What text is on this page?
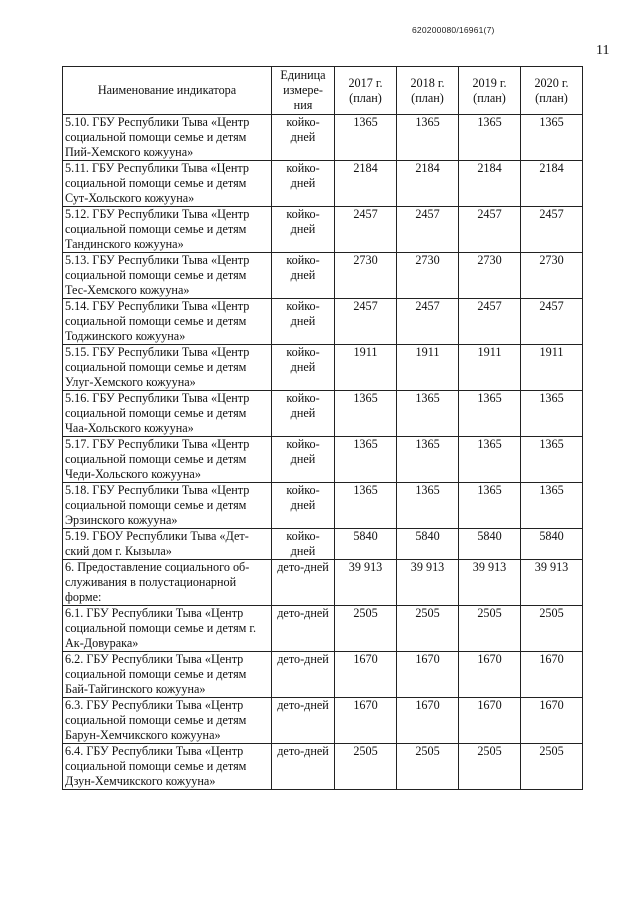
620200080/16961(7)
11
Наименование индикатора	Единица измере-ния	2017 г. (план)	2018 г. (план)	2019 г. (план)	2020 г. (план)
5.10. ГБУ Республики Тыва «Центр социальной помощи семье и детям Пий-Хемского кожууна»	койко-дней	1365	1365	1365	1365
5.11. ГБУ Республики Тыва «Центр социальной помощи семье и детям Сут-Хольского кожууна»	койко-дней	2184	2184	2184	2184
5.12. ГБУ Республики Тыва «Центр социальной помощи семье и детям Тандинского кожууна»	койко-дней	2457	2457	2457	2457
5.13. ГБУ Республики Тыва «Центр социальной помощи семье и детям Тес-Хемского кожууна»	койко-дней	2730	2730	2730	2730
5.14. ГБУ Республики Тыва «Центр социальной помощи семье и детям Тоджинского кожууна»	койко-дней	2457	2457	2457	2457
5.15. ГБУ Республики Тыва «Центр социальной помощи семье и детям Улуг-Хемского кожууна»	койко-дней	1911	1911	1911	1911
5.16. ГБУ Республики Тыва «Центр социальной помощи семье и детям Чаа-Хольского кожууна»	койко-дней	1365	1365	1365	1365
5.17. ГБУ Республики Тыва «Центр социальной помощи семье и детям Чеди-Хольского кожууна»	койко-дней	1365	1365	1365	1365
5.18. ГБУ Республики Тыва «Центр социальной помощи семье и детям Эрзинского кожууна»	койко-дней	1365	1365	1365	1365
5.19. ГБОУ Республики Тыва «Дет-ский дом г. Кызыла»	койко-дней	5840	5840	5840	5840
6. Предоставление социального об-служивания в полустационарной форме:	дето-дней	39 913	39 913	39 913	39 913
6.1. ГБУ Республики Тыва «Центр социальной помощи семье и детям г. Ак-Довурака»	дето-дней	2505	2505	2505	2505
6.2. ГБУ Республики Тыва «Центр социальной помощи семье и детям Бай-Тайгинского кожууна»	дето-дней	1670	1670	1670	1670
6.3. ГБУ Республики Тыва «Центр социальной помощи семье и детям Барун-Хемчикского кожууна»	дето-дней	1670	1670	1670	1670
6.4. ГБУ Республики Тыва «Центр социальной помощи семье и детям Дзун-Хемчикского кожууна»	дето-дней	2505	2505	2505	2505
